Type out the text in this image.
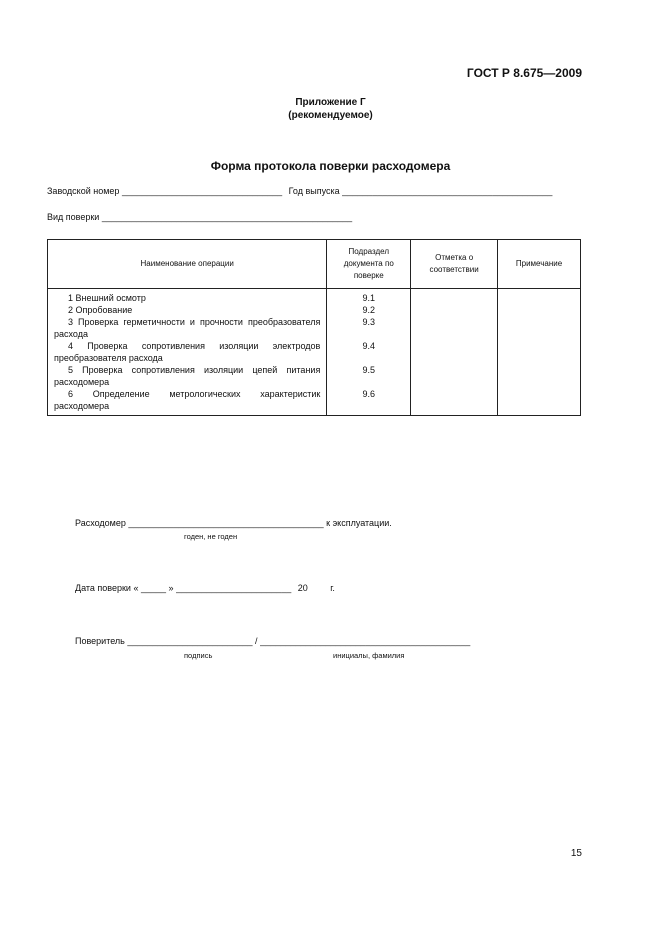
ГОСТ Р 8.675—2009
Приложение Г
(рекомендуемое)
Форма протокола поверки расходомера
Заводской номер ________________________________ Год выпуска __________________________________________
Вид поверки __________________________________________________
Наименование операции	Подраздел документа по поверке	Отметка о соответствии	Примечание
1 Внешний осмотр	9.1		
2 Опробование	9.2		
3 Проверка герметичности и прочности преобразователя расхода	9.3		
4 Проверка сопротивления изоляции электродов преобразователя расхода	9.4		
5 Проверка сопротивления изоляции цепей питания расходомера	9.5		
6 Определение метрологических характеристик расходомера	9.6		
Расходомер _______________________________________ к эксплуатации.
годен, не годен
Дата поверки « _____ » _______________________ 20	г.
Поверитель _________________________ / __________________________________________
подпись	инициалы, фамилия
15
